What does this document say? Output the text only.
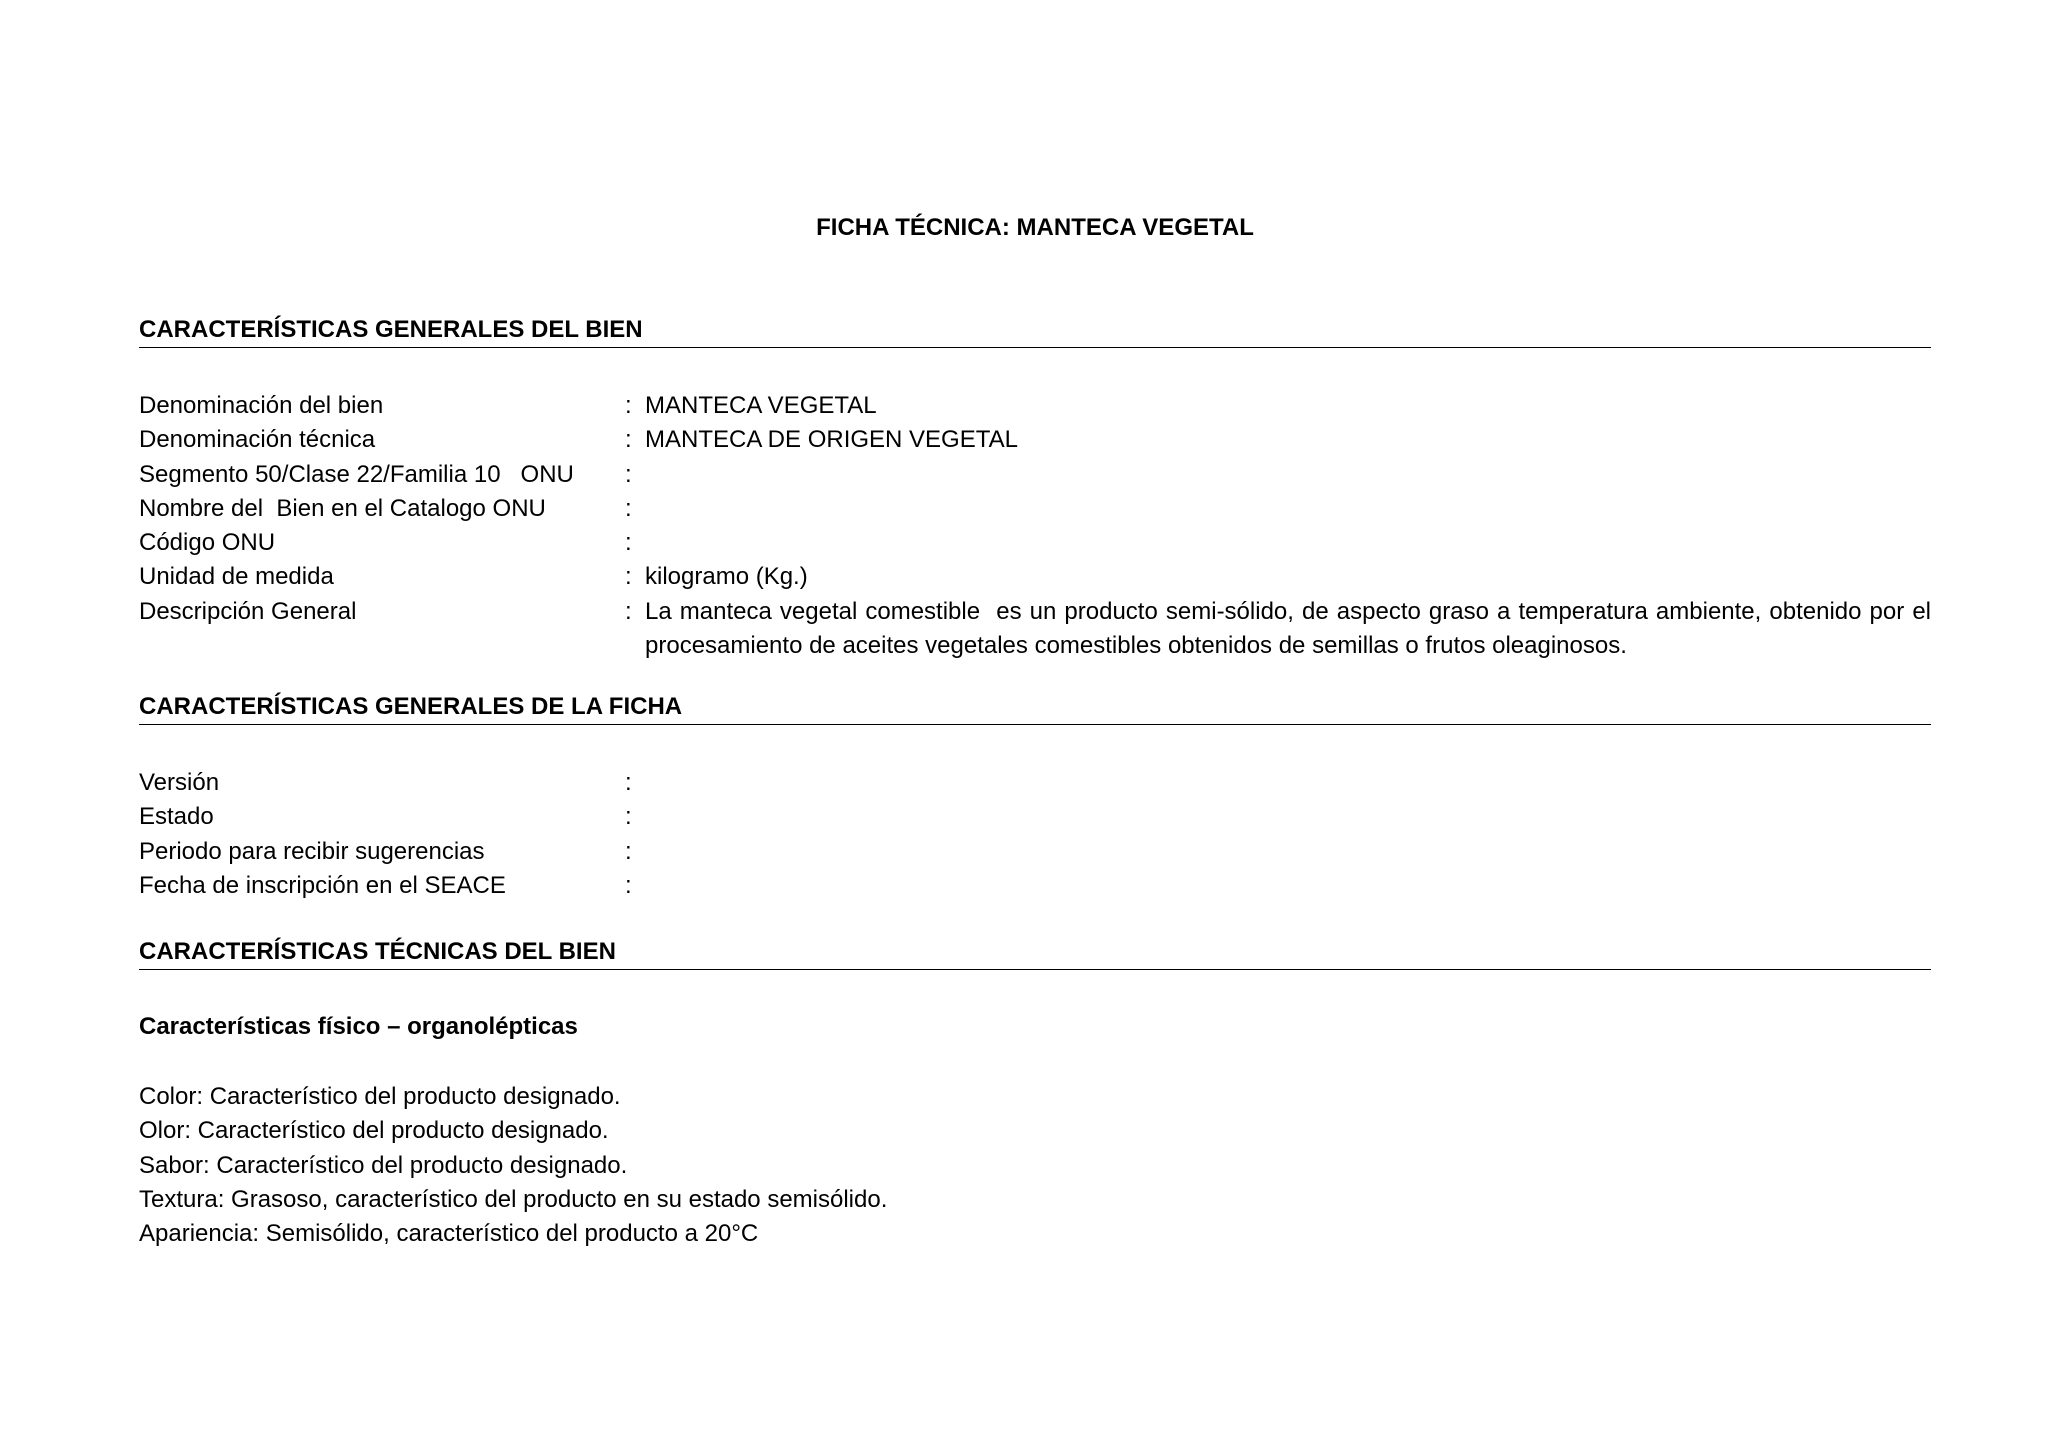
FICHA TÉCNICA: MANTECA VEGETAL
CARACTERÍSTICAS GENERALES DEL BIEN
Denominación del bien	: MANTECA VEGETAL
Denominación técnica	: MANTECA DE ORIGEN VEGETAL
Segmento 50/Clase 22/Familia 10   ONU	:
Nombre del  Bien en el Catalogo ONU	:
Código ONU	:
Unidad de medida	: kilogramo (Kg.)
Descripción General	: La manteca vegetal comestible  es un producto semi-sólido, de aspecto graso a temperatura ambiente, obtenido por el procesamiento de aceites vegetales comestibles obtenidos de semillas o frutos oleaginosos.
CARACTERÍSTICAS GENERALES DE LA FICHA
Versión	:
Estado	:
Periodo para recibir sugerencias	:
Fecha de inscripción en el SEACE	:
CARACTERÍSTICAS TÉCNICAS DEL BIEN
Características físico – organolépticas
Color: Característico del producto designado.
Olor: Característico del producto designado.
Sabor: Característico del producto designado.
Textura: Grasoso, característico del producto en su estado semisólido.
Apariencia: Semisólido, característico del producto a 20°C
